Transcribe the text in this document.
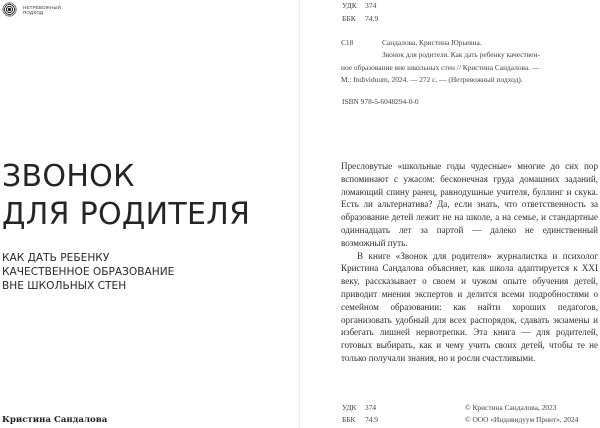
НЕТРЕВОЖНЫЙ
ПОДХОД
ЗВОНОК
ДЛЯ РОДИТЕЛЯ
КАК ДАТЬ РЕБЕНКУ
КАЧЕСТВЕННОЕ ОБРАЗОВАНИЕ
ВНЕ ШКОЛЬНЫХ СТЕН
Кристина Сандалова
УДК 374
ББК	74.9
С18	Сандалова, Кристина Юрьевна.
Звонок для родителя. Как дать ребенку качествен-
ное образование вне школьных стен // Кристина Сандалова. —
М.: Individuum, 2024. — 272 с. — (Нетревожный подход).
ISBN 978-5-6048294-0-0

Пресловутые «школьные годы чудесные» многие до сих пор вспоминают с ужасом: бесконечная груда домашних заданий, ломающий спину ранец, равнодушные учителя, буллинг и скука. Есть ли альтернатива? Да, если знать, что ответственность за образование детей лежит не на школе, а на семье, и стандартные одиннадцать лет за партой — далеко не единственный возможный путь.

В книге «Звонок для родителя» журналистка и психолог Кристина Сандалова объясняет, как школа адаптируется к XXI веку, рассказывает о своем и чужом опыте обучения детей, приводит мнения экспертов и делится всеми подробностями о семейном образовании: как найти хороших педагогов, организовать удобный для всех распорядок, сдавать экзамены и избегать лишней нервотрепки. Эта книга — для родителей, готовых выбирать, как и чему учить своих детей, чтобы те не только получали знания, но и росли счастливыми.

УДК	374
ББК	74.9
© Кристина Сандалова, 2023
© ООО «Индивидуум Принт», 2024
